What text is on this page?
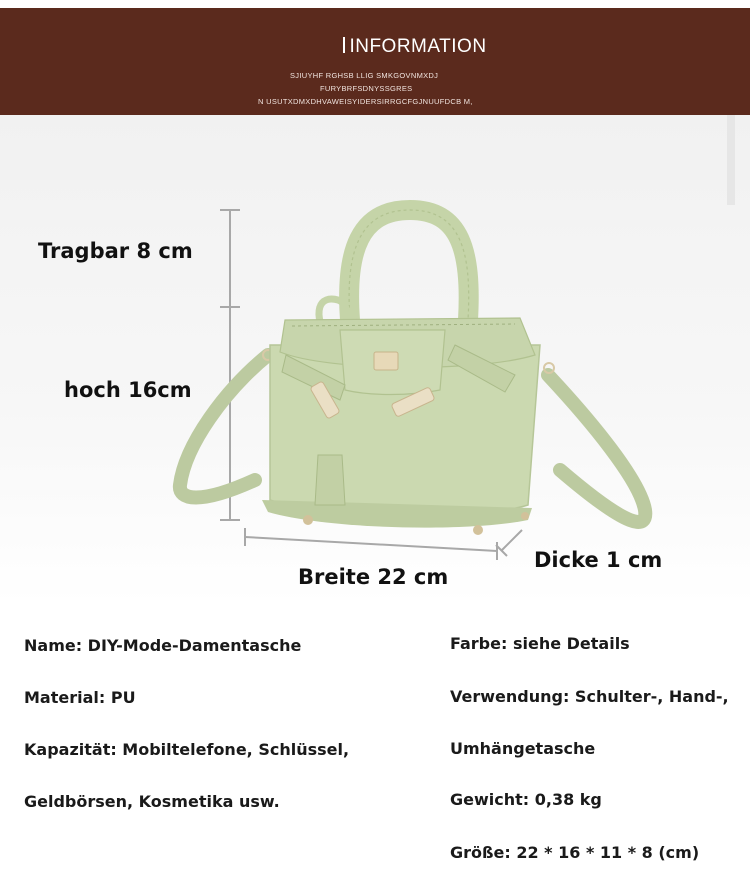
INFORMATION
SJIUYHF RGHSB LLIG SMKGOVNMXDJ
FURYBRFSDNYSSGRES
N USUTXDMXDHVAWEISYIDERSIRRGCFGJNUUFDCB M,
Tragbar 8 cm
hoch 16cm
Breite 22 cm
Dicke 1 cm
Name: DIY-Mode-Damentasche
Material: PU
Kapazität: Mobiltelefone, Schlüssel,
Geldbörsen, Kosmetika usw.
Farbe: siehe Details
Verwendung: Schulter-, Hand-,
Umhängetasche
Gewicht: 0,38 kg
Größe: 22 * 16 * 11 * 8 (cm)
